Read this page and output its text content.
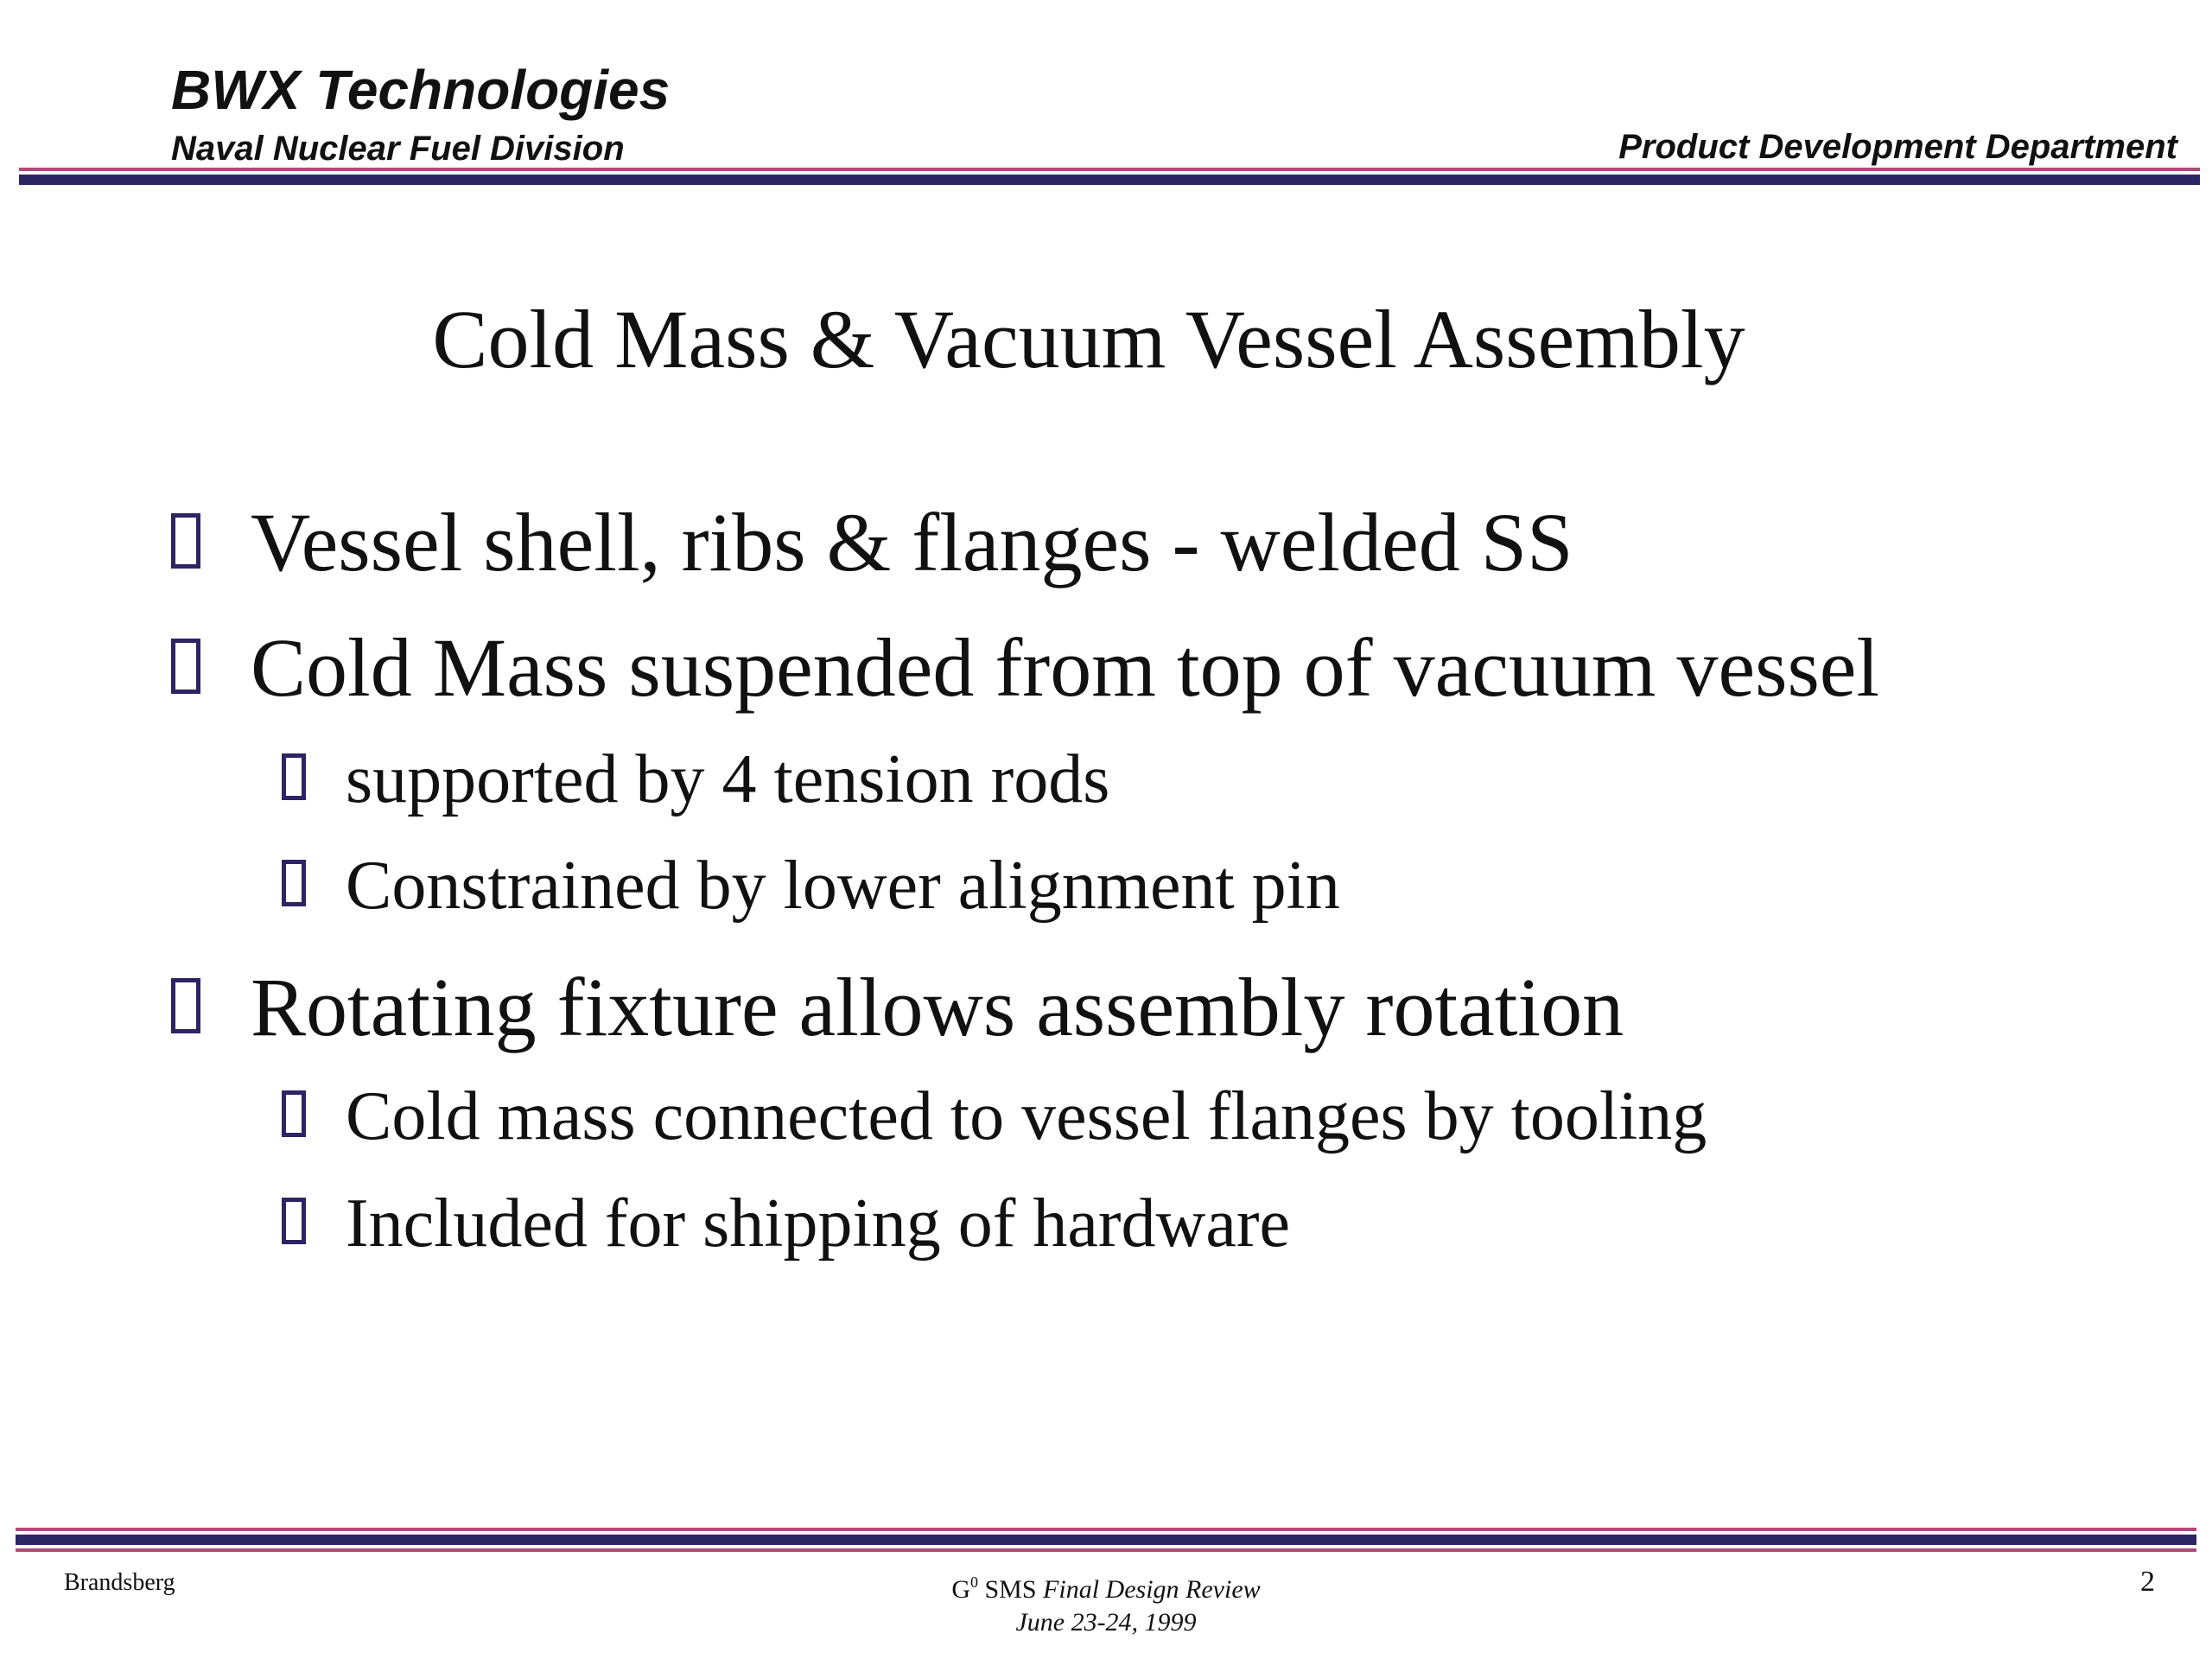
BWX Technologies
Naval Nuclear Fuel Division	Product Development Department
Cold Mass & Vacuum Vessel Assembly
Vessel shell, ribs & flanges - welded SS
Cold Mass suspended from top of vacuum vessel
supported by 4 tension rods
Constrained by lower alignment pin
Rotating fixture allows assembly rotation
Cold mass connected to vessel flanges by tooling
Included for shipping of hardware
Brandsberg	$G^0$ SMS Final Design Review
June 23-24, 1999
2
